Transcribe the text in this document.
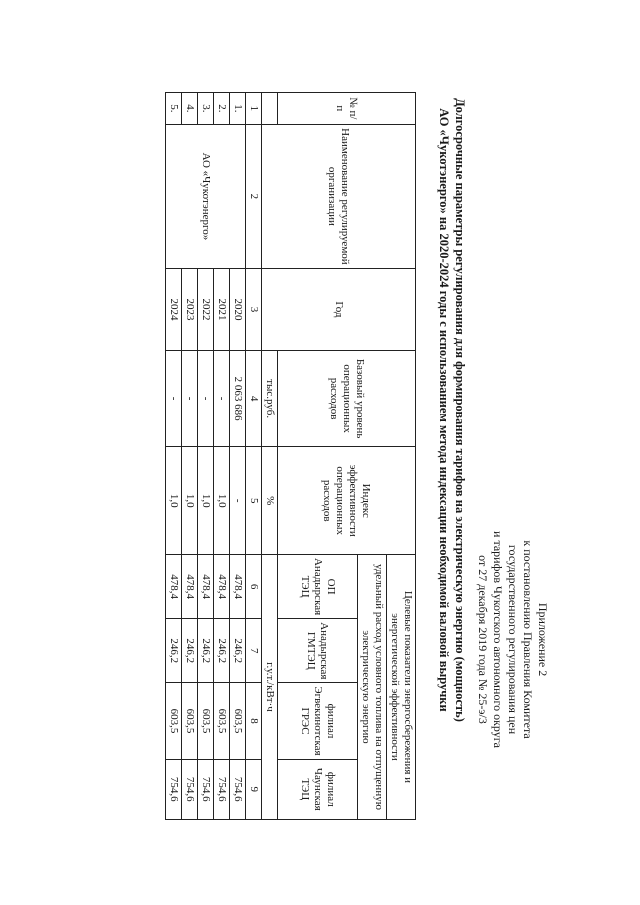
Приложение 2
к постановлению Правления Комитета
государственного регулирования цен
и тарифов Чукотского автономного округа
от 27 декабря 2019 года № 25-э/3
Долгосрочные параметры регулирования для формирования тарифов на электрическую энергию (мощность)
АО «Чукотэнерго» на 2020-2024 годы с использованием метода индексации необходимой валовой выручки
№ п/п	Наименование регулируемой организации	Год	Базовый уровень операционных расходов	Индекс эффективности операционных расходов	Целевые показатели энергосбережения и энергетической эффективности			
					удельный расход условного топлива на отпущенную электрическую энергию			
					ОП Анадырская ТЭЦ	Анадырская ГМТЭЦ	филиал Эгвекинотская ГРЭС	филиал Чаунская ТЭЦ
			тыс.руб.	%	г.у.т./кВт·ч			
1	2	3	4	5	6	7	8	9
1.	АО «Чукотэнерго»	2020	2 063 686	-	478,4	246,2	603,5	754,6
2.		2021	-	1,0	478,4	246,2	603,5	754,6
3.		2022	-	1,0	478,4	246,2	603,5	754,6
4.		2023	-	1,0	478,4	246,2	603,5	754,6
5.		2024	-	1,0	478,4	246,2	603,5	754,6
